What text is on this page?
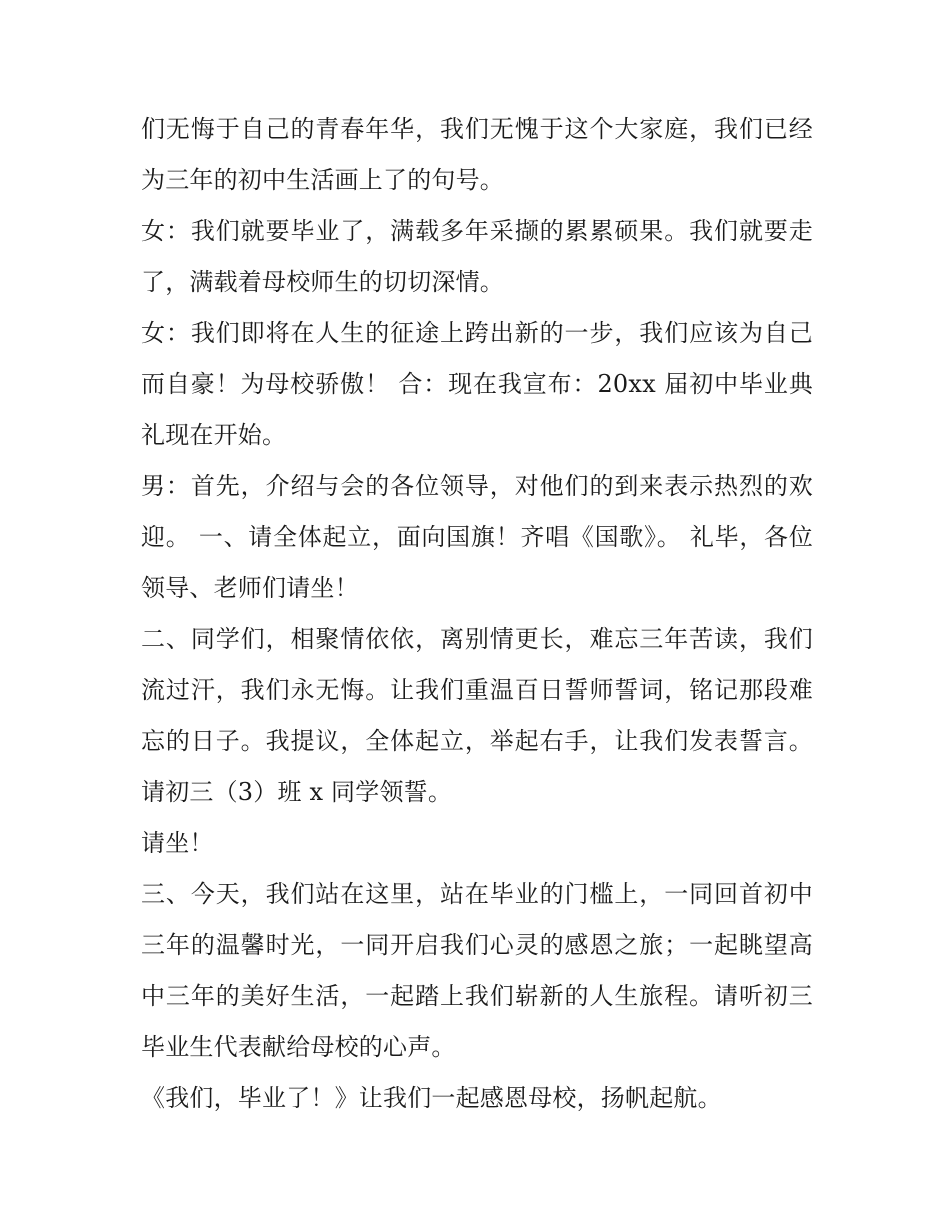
们无悔于自己的青春年华，我们无愧于这个大家庭，我们已经为三年的初中生活画上了的句号。

女：我们就要毕业了，满载多年采撷的累累硕果。我们就要走了，满载着母校师生的切切深情。

女：我们即将在人生的征途上跨出新的一步，我们应该为自己而自豪！为母校骄傲！ 合：现在我宣布：20xx 届初中毕业典礼现在开始。

男：首先，介绍与会的各位领导，对他们的到来表示热烈的欢迎。 一、请全体起立，面向国旗！齐唱《国歌》。 礼毕，各位领导、老师们请坐！

二、同学们，相聚情依依，离别情更长，难忘三年苦读，我们流过汗，我们永无悔。让我们重温百日誓师誓词，铭记那段难忘的日子。我提议，全体起立，举起右手，让我们发表誓言。请初三（3）班 x 同学领誓。

请坐！

三、今天，我们站在这里，站在毕业的门槛上，一同回首初中三年的温馨时光，一同开启我们心灵的感恩之旅；一起眺望高中三年的美好生活，一起踏上我们崭新的人生旅程。请听初三毕业生代表献给母校的心声。

《我们，毕业了！》让我们一起感恩母校，扬帆起航。
